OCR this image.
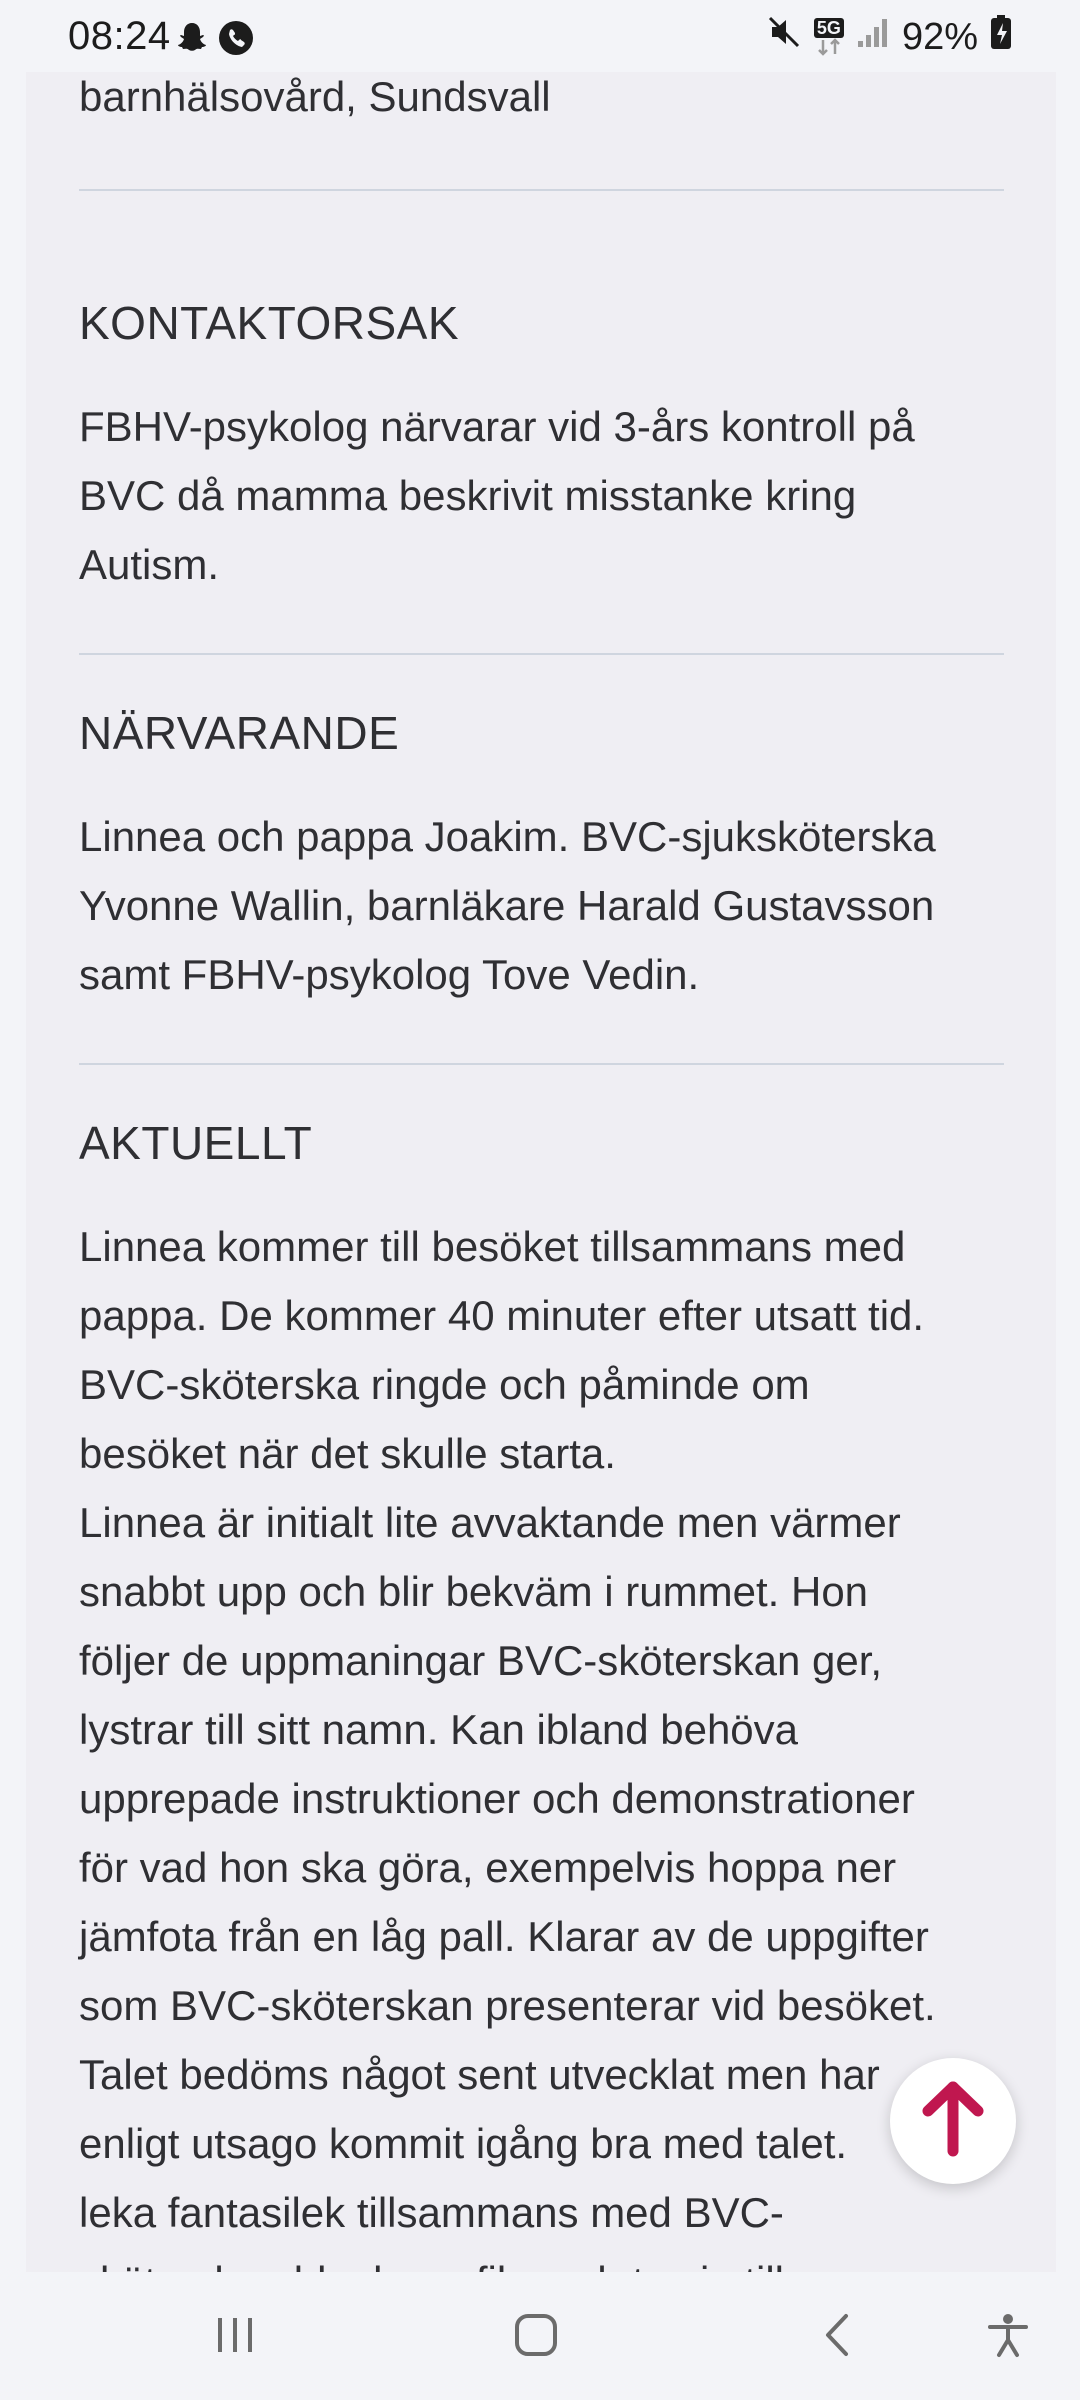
08:24	5G 92%
barnhälsovård, Sundsvall
KONTAKTORSAK
FBHV-psykolog närvarar vid 3-års kontroll på
BVC då mamma beskrivit misstanke kring
Autism.
NÄRVARANDE
Linnea och pappa Joakim. BVC-sjuksköterska
Yvonne Wallin, barnläkare Harald Gustavsson
samt FBHV-psykolog Tove Vedin.
AKTUELLT
Linnea kommer till besöket tillsammans med
pappa. De kommer 40 minuter efter utsatt tid.
BVC-sköterska ringde och påminde om
besöket när det skulle starta.
Linnea är initialt lite avvaktande men värmer
snabbt upp och blir bekväm i rummet. Hon
följer de uppmaningar BVC-sköterskan ger,
lystrar till sitt namn. Kan ibland behöva
upprepade instruktioner och demonstrationer
för vad hon ska göra, exempelvis hoppa ner
jämfota från en låg pall. Klarar av de uppgifter
som BVC-sköterskan presenterar vid besöket.
Talet bedöms något sent utvecklat men har
enligt utsago kommit igång bra med talet.
leka fantasilek tillsammans med BVC-
